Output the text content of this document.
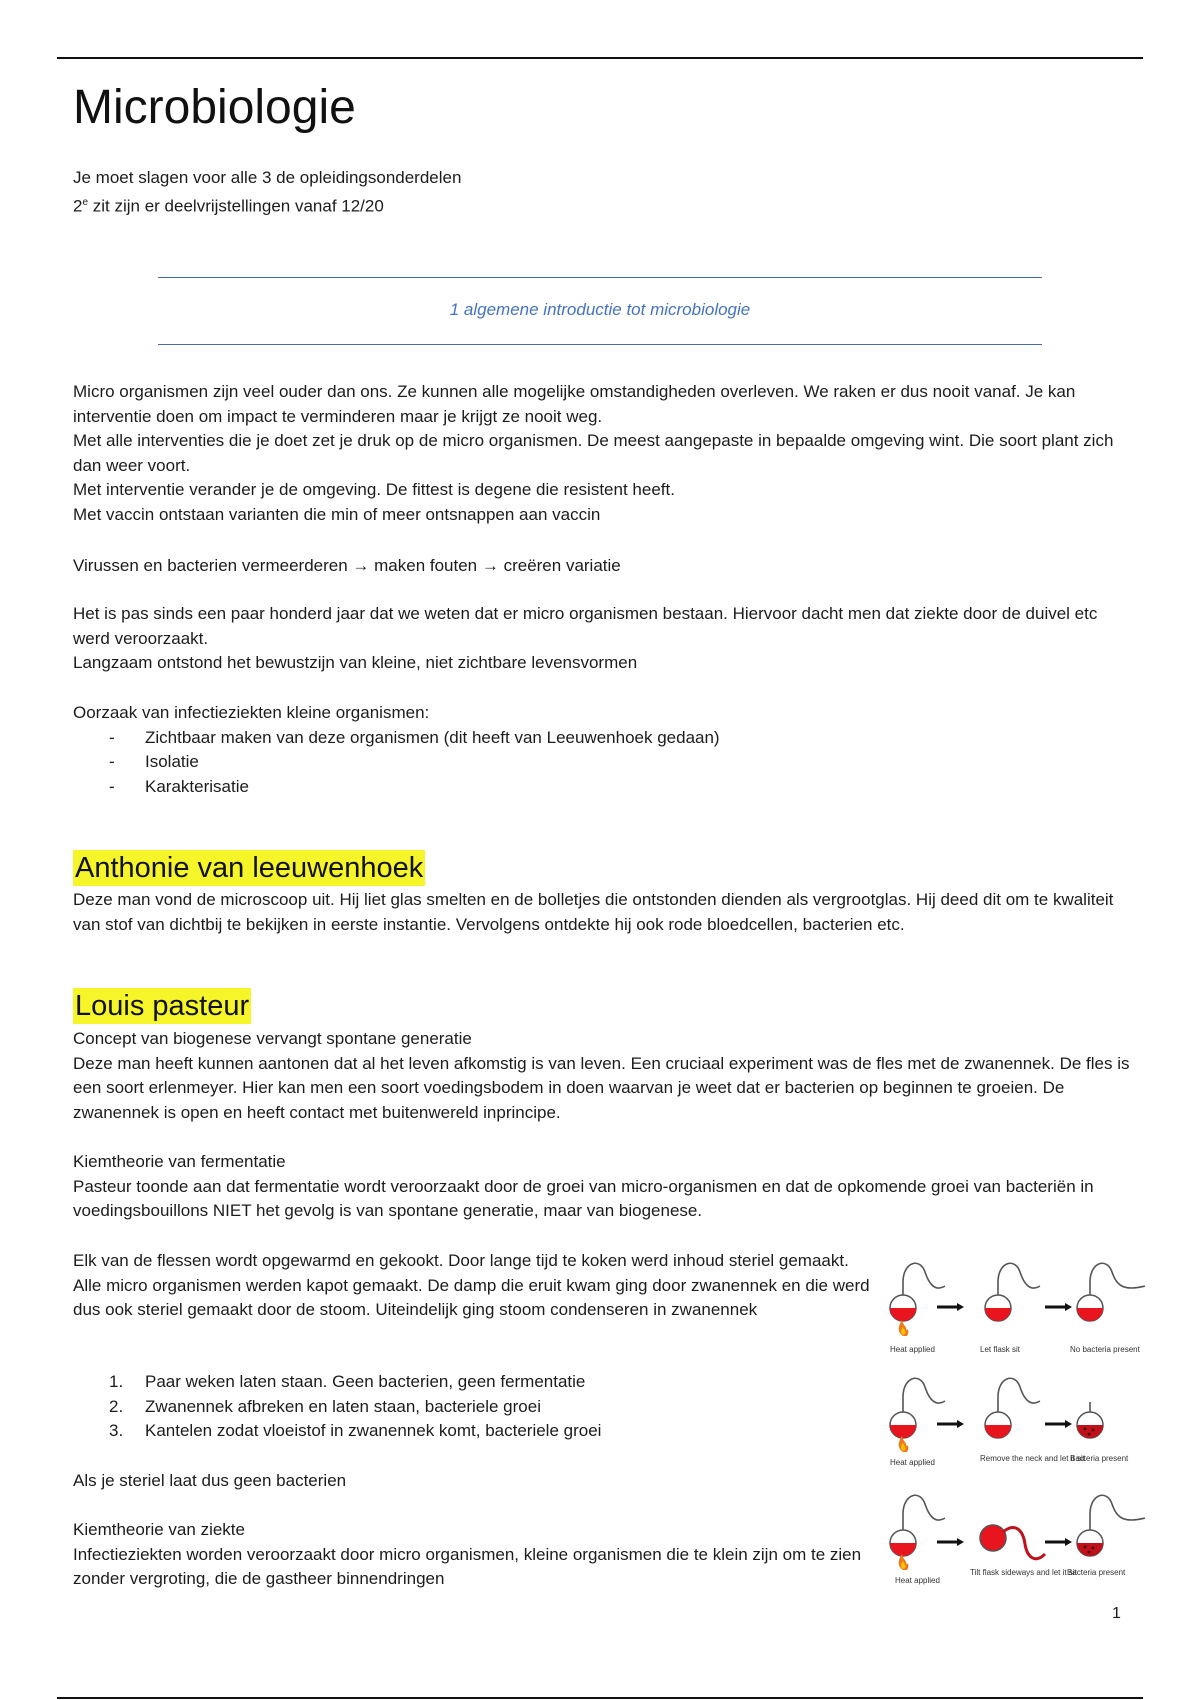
Microbiologie

Je moet slagen voor alle 3 de opleidingsonderdelen

2e zit zijn er deelvrijstellingen vanaf 12/20

1 algemene introductie tot microbiologie

Micro organismen zijn veel ouder dan ons. Ze kunnen alle mogelijke omstandigheden overleven. We raken er dus nooit vanaf. Je kan interventie doen om impact te verminderen maar je krijgt ze nooit weg.

Met alle interventies die je doet zet je druk op de micro organismen. De meest aangepaste in bepaalde omgeving wint. Die soort plant zich dan weer voort.

Met interventie verander je de omgeving. De fittest is degene die resistent heeft.

Met vaccin ontstaan varianten die min of meer ontsnappen aan vaccin

Virussen en bacterien vermeerderen → maken fouten → creëren variatie

Het is pas sinds een paar honderd jaar dat we weten dat er micro organismen bestaan. Hiervoor dacht men dat ziekte door de duivel etc werd veroorzaakt.

Langzaam ontstond het bewustzijn van kleine, niet zichtbare levensvormen

Oorzaak van infectieziekten kleine organismen:

- Zichtbaar maken van deze organismen (dit heeft van Leeuwenhoek gedaan)
- Isolatie
- Karakterisatie
Anthonie van leeuwenhoek
Deze man vond de microscoop uit. Hij liet glas smelten en de bolletjes die ontstonden dienden als vergrootglas. Hij deed dit om te kwaliteit van stof van dichtbij te bekijken in eerste instantie. Vervolgens ontdekte hij ook rode bloedcellen, bacterien etc.
Louis pasteur

Concept van biogenese vervangt spontane generatie

Deze man heeft kunnen aantonen dat al het leven afkomstig is van leven. Een cruciaal experiment was de fles met de zwanennek. De fles is een soort erlenmeyer. Hier kan men een soort voedingsbodem in doen waarvan je weet dat er bacterien op beginnen te groeien. De zwanennek is open en heeft contact met buitenwereld inprincipe.

Kiemtheorie van fermentatie

Pasteur toonde aan dat fermentatie wordt veroorzaakt door de groei van micro-organismen en dat de opkomende groei van bacteriën in voedingsbouillons NIET het gevolg is van spontane generatie, maar van biogenese.

Elk van de flessen wordt opgewarmd en gekookt. Door lange tijd te koken werd inhoud steriel gemaakt. Alle micro organismen werden kapot gemaakt. De damp die eruit kwam ging door zwanennek en die werd dus ook steriel gemaakt door de stoom. Uiteindelijk ging stoom condenseren in zwanennek
1. Paar weken laten staan. Geen bacterien, geen fermentatie
2. Zwanennek afbreken en laten staan, bacteriele groei
3. Kantelen zodat vloeistof in zwanennek komt, bacteriele groei
Als je steriel laat dus geen bacterien

Kiemtheorie van ziekte

Infectieziekten worden veroorzaakt door micro organismen, kleine organismen die te klein zijn om te zien zonder vergroting, die de gastheer binnendringen

Heat applied	Let flask sit	No bacteria present
Heat applied	Remove the neck and let it sit
Bacteria present
Heat applied
Tilt flask sideways and let it sit
Bacteria present

1
